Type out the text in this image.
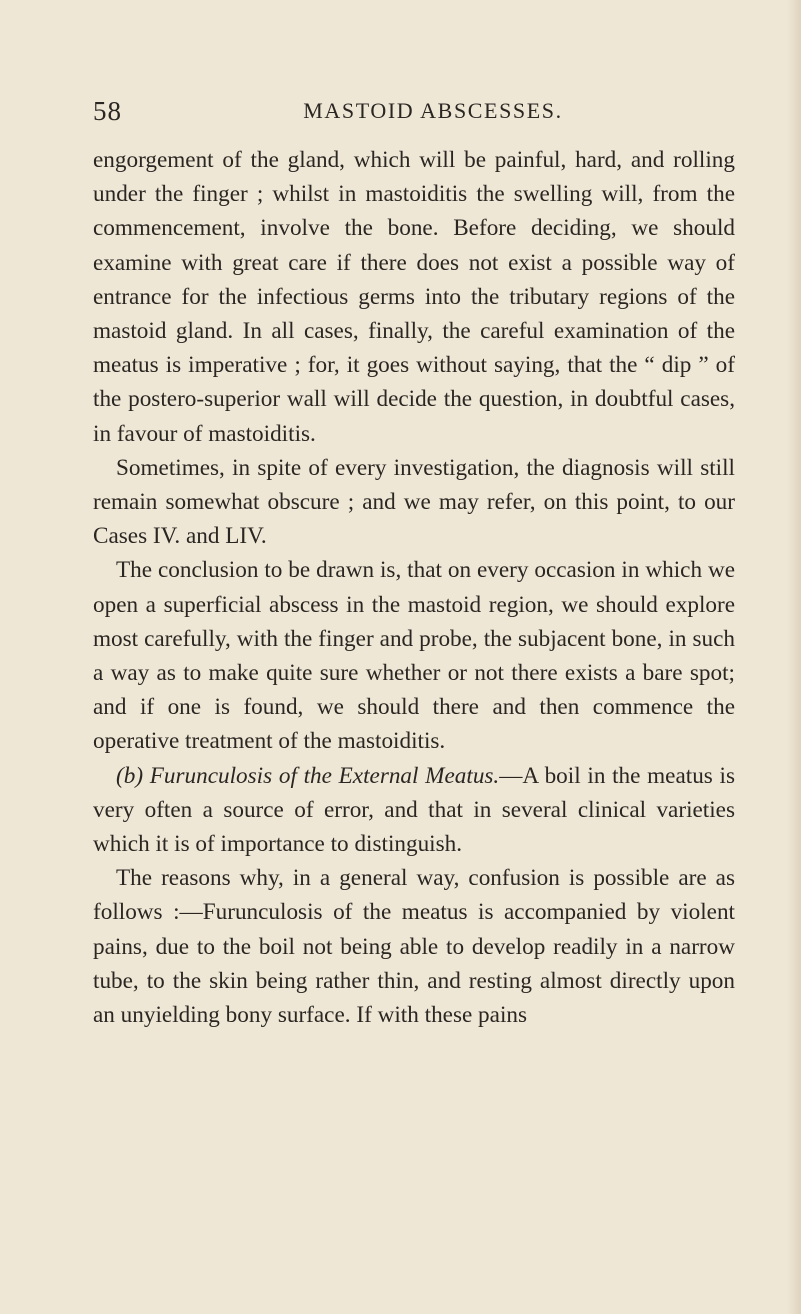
58	MASTOID ABSCESSES.

engorgement of the gland, which will be painful, hard, and rolling under the finger ; whilst in mastoiditis the swelling will, from the commencement, involve the bone. Before deciding, we should examine with great care if there does not exist a possible way of entrance for the infectious germs into the tributary regions of the mastoid gland. In all cases, finally, the careful examination of the meatus is imperative ; for, it goes without saying, that the “ dip ” of the postero-superior wall will decide the question, in doubtful cases, in favour of mastoiditis.

Sometimes, in spite of every investigation, the diagnosis will still remain somewhat obscure ; and we may refer, on this point, to our Cases IV. and LIV.

The conclusion to be drawn is, that on every occasion in which we open a superficial abscess in the mastoid region, we should explore most carefully, with the finger and probe, the subjacent bone, in such a way as to make quite sure whether or not there exists a bare spot; and if one is found, we should there and then commence the operative treatment of the mastoiditis.

(b) Furunculosis of the External Meatus.—A boil in the meatus is very often a source of error, and that in several clinical varieties which it is of importance to distinguish.

The reasons why, in a general way, confusion is possible are as follows :—Furunculosis of the meatus is accompanied by violent pains, due to the boil not being able to develop readily in a narrow tube, to the skin being rather thin, and resting almost directly upon an unyielding bony surface. If with these pains
